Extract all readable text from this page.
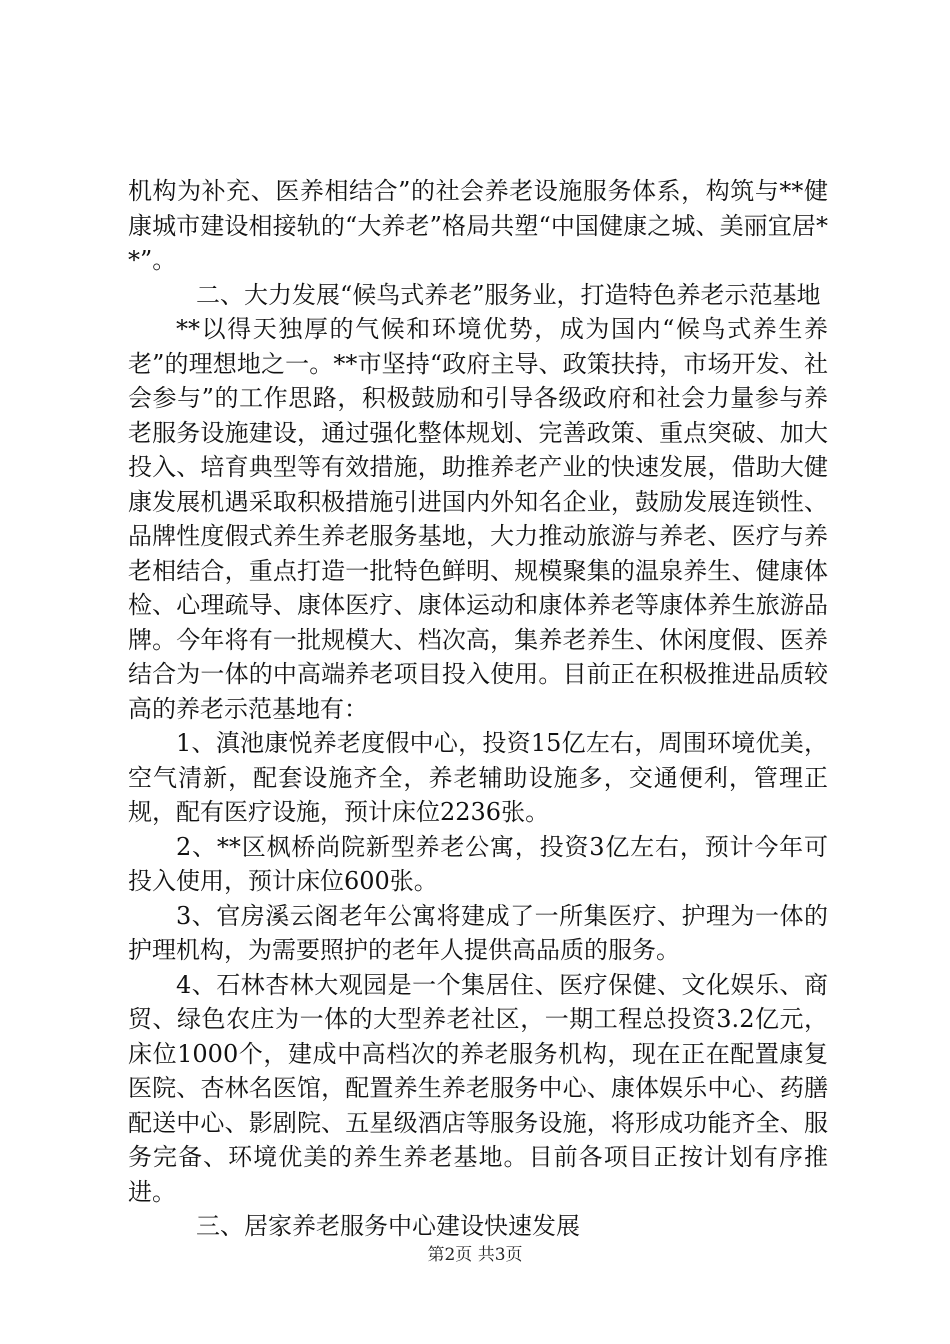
机构为补充、医养相结合”的社会养老设施服务体系，构筑与**健康城市建设相接轨的“大养老”格局共塑“中国健康之城、美丽宜居**”。

二、大力发展“候鸟式养老”服务业，打造特色养老示范基地

**以得天独厚的气候和环境优势，成为国内“候鸟式养生养老”的理想地之一。**市坚持“政府主导、政策扶持，市场开发、社会参与”的工作思路，积极鼓励和引导各级政府和社会力量参与养老服务设施建设，通过强化整体规划、完善政策、重点突破、加大投入、培育典型等有效措施，助推养老产业的快速发展，借助大健康发展机遇采取积极措施引进国内外知名企业，鼓励发展连锁性、品牌性度假式养生养老服务基地，大力推动旅游与养老、医疗与养老相结合，重点打造一批特色鲜明、规模聚集的温泉养生、健康体检、心理疏导、康体医疗、康体运动和康体养老等康体养生旅游品牌。今年将有一批规模大、档次高，集养老养生、休闲度假、医养结合为一体的中高端养老项目投入使用。目前正在积极推进品质较高的养老示范基地有：

1、滇池康悦养老度假中心，投资15亿左右，周围环境优美，空气清新，配套设施齐全，养老辅助设施多，交通便利，管理正规，配有医疗设施，预计床位2236张。

2、**区枫桥尚院新型养老公寓，投资3亿左右，预计今年可投入使用，预计床位600张。

3、官房溪云阁老年公寓将建成了一所集医疗、护理为一体的护理机构，为需要照护的老年人提供高品质的服务。

4、石林杏林大观园是一个集居住、医疗保健、文化娱乐、商贸、绿色农庄为一体的大型养老社区，一期工程总投资3.2亿元，床位1000个，建成中高档次的养老服务机构，现在正在配置康复医院、杏林名医馆，配置养生养老服务中心、康体娱乐中心、药膳配送中心、影剧院、五星级酒店等服务设施，将形成功能齐全、服务完备、环境优美的养生养老基地。目前各项目正按计划有序推进。

三、居家养老服务中心建设快速发展

第2页 共3页
